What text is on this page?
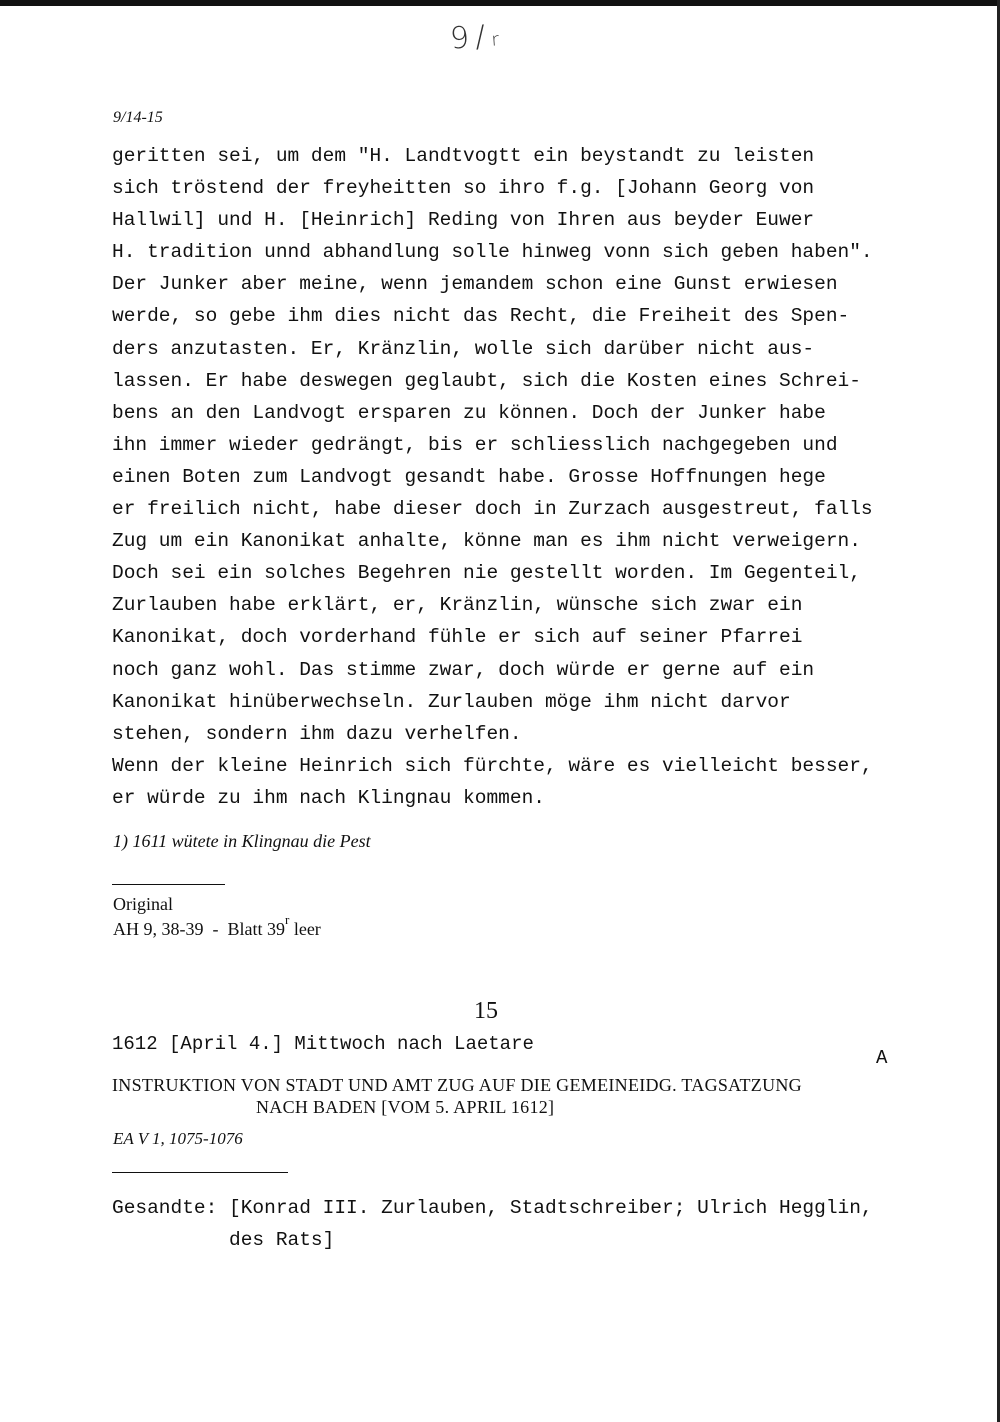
9/r
9/14-15
geritten sei, um dem "H. Landtvogtt ein beystandt zu leisten
sich tröstend der freyheitten so ihro f.g. [Johann Georg von
Hallwil] und H. [Heinrich] Reding von Ihren aus beyder Euwer
H. tradition unnd abhandlung solle hinweg vonn sich geben haben".
Der Junker aber meine, wenn jemandem schon eine Gunst erwiesen
werde, so gebe ihm dies nicht das Recht, die Freiheit des Spen-
ders anzutasten. Er, Kränzlin, wolle sich darüber nicht aus-
lassen. Er habe deswegen geglaubt, sich die Kosten eines Schrei-
bens an den Landvogt ersparen zu können. Doch der Junker habe
ihn immer wieder gedrängt, bis er schliesslich nachgegeben und
einen Boten zum Landvogt gesandt habe. Grosse Hoffnungen hege
er freilich nicht, habe dieser doch in Zurzach ausgestreut, falls
Zug um ein Kanonikat anhalte, könne man es ihm nicht verweigern.
Doch sei ein solches Begehren nie gestellt worden. Im Gegenteil,
Zurlauben habe erklärt, er, Kränzlin, wünsche sich zwar ein
Kanonikat, doch vorderhand fühle er sich auf seiner Pfarrei
noch ganz wohl. Das stimme zwar, doch würde er gerne auf ein
Kanonikat hinüberwechseln. Zurlauben möge ihm nicht darvor
stehen, sondern ihm dazu verhelfen.
Wenn der kleine Heinrich sich fürchte, wäre es vielleicht besser,
er würde zu ihm nach Klingnau kommen.
1) 1611 wütete in Klingnau die Pest
Original
AH 9, 38-39  -  Blatt 39$^r$ leer
15
1612 [April 4.] Mittwoch nach Laetare
A
INSTRUKTION VON STADT UND AMT ZUG AUF DIE GEMEINEIDG. TAGSATZUNG
NACH BADEN [VOM 5. APRIL 1612]
EA V 1, 1075-1076
Gesandte: [Konrad III. Zurlauben, Stadtschreiber; Ulrich Hegglin,
des Rats]
